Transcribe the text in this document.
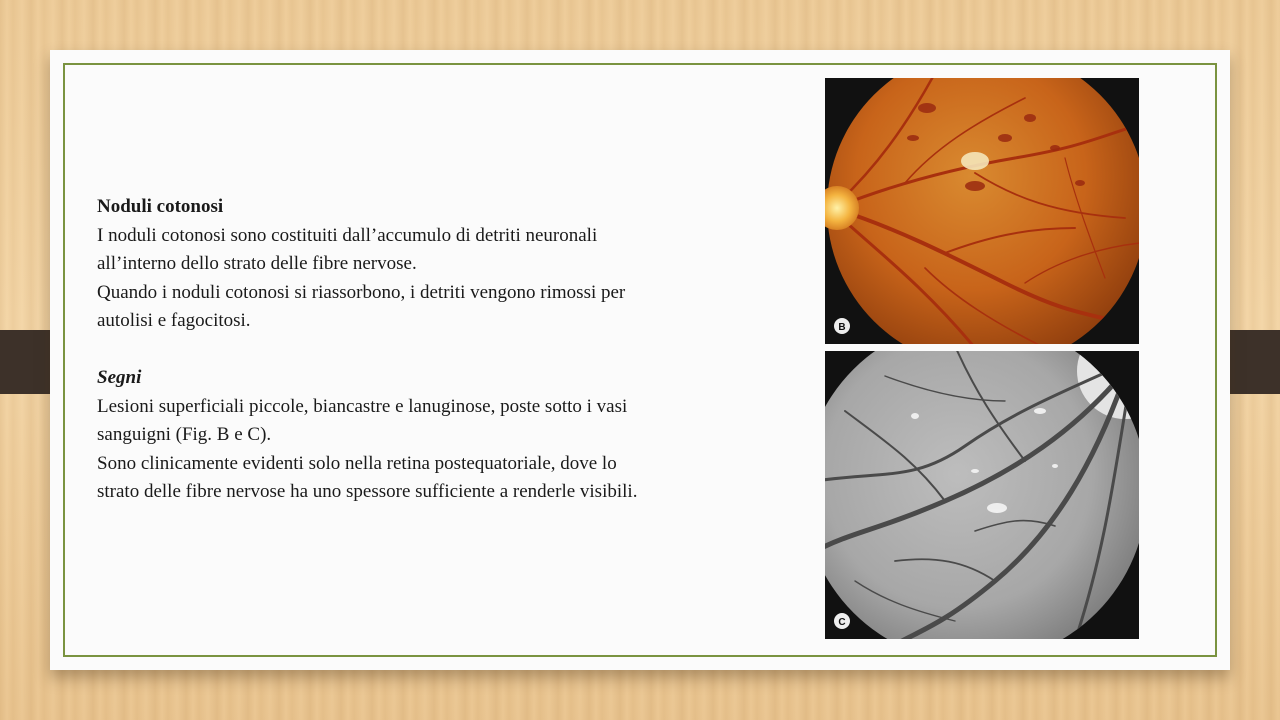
Noduli cotonosi

I noduli cotonosi sono costituiti dall’accumulo di detriti neuronali

all’interno dello strato delle fibre nervose.

Quando i noduli cotonosi si riassorbono, i detriti vengono rimossi per

autolisi e fagocitosi.

Segni

Lesioni superficiali piccole, biancastre e lanuginose, poste sotto i vasi

sanguigni (Fig. B e C).

Sono clinicamente evidenti solo nella retina postequatoriale, dove lo

strato delle fibre nervose ha uno spessore sufficiente a renderle visibili.

B
C
